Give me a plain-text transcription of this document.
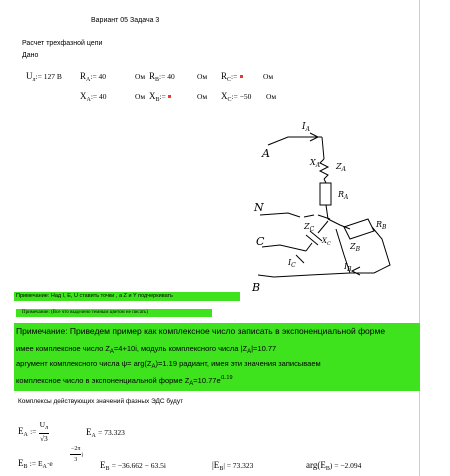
Вариант 05 Задача 3
Расчет трехфазной цепи
Дано
$U_л:= 127$ В $R_A:= 40$	Ом $R_B:= 40$	Ом $R_C:=$	Ом
$X_A:= 40$	Ом $X_B:=$	Ом $X_C:= -50$ Ом
A
$I_A$
$X_A$ $Z_A$
$R_A$
N
$R_B$
$Z_B$
$Z_C$
$X_C$
C
$I_C$	$I_B$
B
Примечание: Над I, E, U ставить точки , а Z и Y подчеркивать
Примечание: (Все что выделено темным цветом не писать)
Примечание: Приведем пример как комплексное число записать в экспоненциальной форме
имее комплексное число $Z_A=4+10i$, модуль комплексного числа $|Z_A|=10.77$
аргумент комплексного числа $\psi= arg(Z_A)=1.19$ радиант, имея эти значения записываем
комплексное число в экспоненциальной форме $Z_A=10.77e^{i1.19}$
Комплексы действующих значений фазных ЭДС будут
$E_A$ := $\frac{U_л}{√3}$	$E_A = 73.323$
$E_B$ := $E_A\cdot e$	$\frac{-2\pi}{3}$ i
$E_B = -36.662 - 63.5i$	$|E_B| = 73.323$	$arg(E_B) = -2.094$
